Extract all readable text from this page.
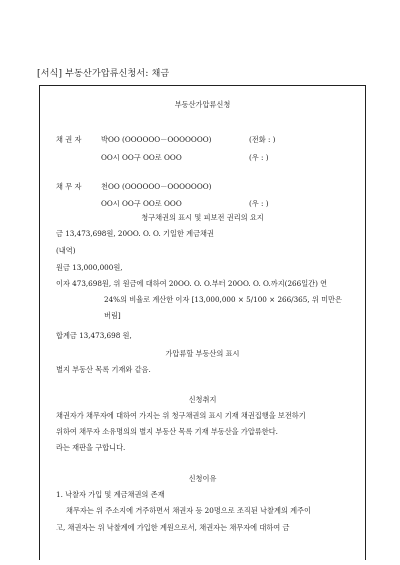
[서식] 부동산가압류신청서: 채금
부동산가압류신청
채 권 자	박OO (OOOOOO－OOOOOOO)	(전화 : )
OO시 OO구 OO로 OOO	(우 : )
채 무 자	천OO (OOOOOO－OOOOOOO)
OO시 OO구 OO로 OOO	(우 : )
청구채권의 표시 및 피보전 권리의 요지
금 13,473,698원, 20OO. O. O. 기일한 계금채권
(내역)
원금 13,000,000원,
이자 473,698원, 위 원금에 대하여 20OO. O. O.부터 20OO. O. O.까지(266일간) 연
24%의 비율로 계산한 이자 [13,000,000 × 5/100 × 266/365, 위 미만은
버림]
합계금 13,473,698 원,
가압류할 부동산의 표시
별지 부동산 목록 기재와 같음.
신청취지
채권자가 채무자에 대하여 가지는 위 청구채권의 표시 기재 채권집행을 보전하기
위하여 채무자 소유명의의 별지 부동산 목록 기재 부동산을 가압류한다.
라는 재판을 구합니다.
신청이유
1. 낙찰자 가입 및 계금채권의 존재
채무자는 위 주소지에 거주하면서 채권자 등 20명으로 조직된 낙찰계의 계주이
고, 채권자는 위 낙찰계에 가입한 계원으로서, 채권자는 채무자에 대하여 금
